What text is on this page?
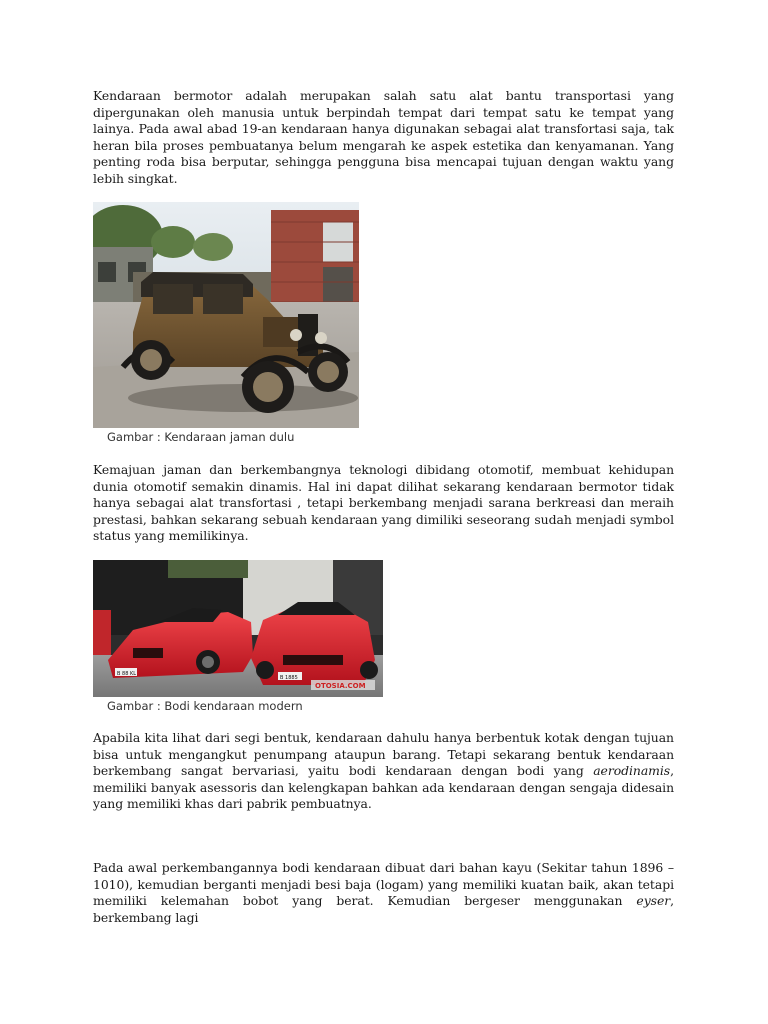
Kendaraan bermotor adalah merupakan salah satu alat bantu transportasi yang dipergunakan oleh manusia untuk berpindah tempat dari tempat satu ke tempat yang lainya. Pada awal abad 19-an kendaraan hanya digunakan sebagai alat transfortasi saja, tak heran bila proses pembuatanya belum mengarah ke aspek estetika dan kenyamanan. Yang penting roda bisa berputar, sehingga pengguna bisa mencapai tujuan dengan waktu yang lebih singkat.

Gambar : Kendaraan jaman dulu

Kemajuan jaman dan berkembangnya teknologi dibidang otomotif, membuat kehidupan dunia otomotif semakin dinamis. Hal ini dapat dilihat sekarang kendaraan bermotor tidak hanya sebagai alat transfortasi , tetapi berkembang menjadi sarana berkreasi dan meraih prestasi, bahkan sekarang sebuah kendaraan yang dimiliki seseorang sudah menjadi symbol status yang memilikinya.

B 88 KL
B 1885
OTOSIA.COM
Gambar : Bodi kendaraan modern

Apabila kita lihat dari segi bentuk, kendaraan dahulu hanya berbentuk kotak dengan tujuan bisa untuk mengangkut penumpang ataupun barang. Tetapi sekarang bentuk kendaraan berkembang sangat bervariasi, yaitu bodi kendaraan dengan bodi yang aerodinamis, memiliki banyak asessoris dan kelengkapan bahkan ada kendaraan dengan sengaja didesain yang memiliki khas dari pabrik pembuatnya.

Pada awal perkembangannya bodi kendaraan dibuat dari bahan kayu (Sekitar tahun 1896 – 1010), kemudian berganti menjadi besi baja (logam) yang memiliki kuatan baik, akan tetapi memiliki kelemahan bobot yang berat. Kemudian bergeser menggunakan eyser, berkembang lagi
